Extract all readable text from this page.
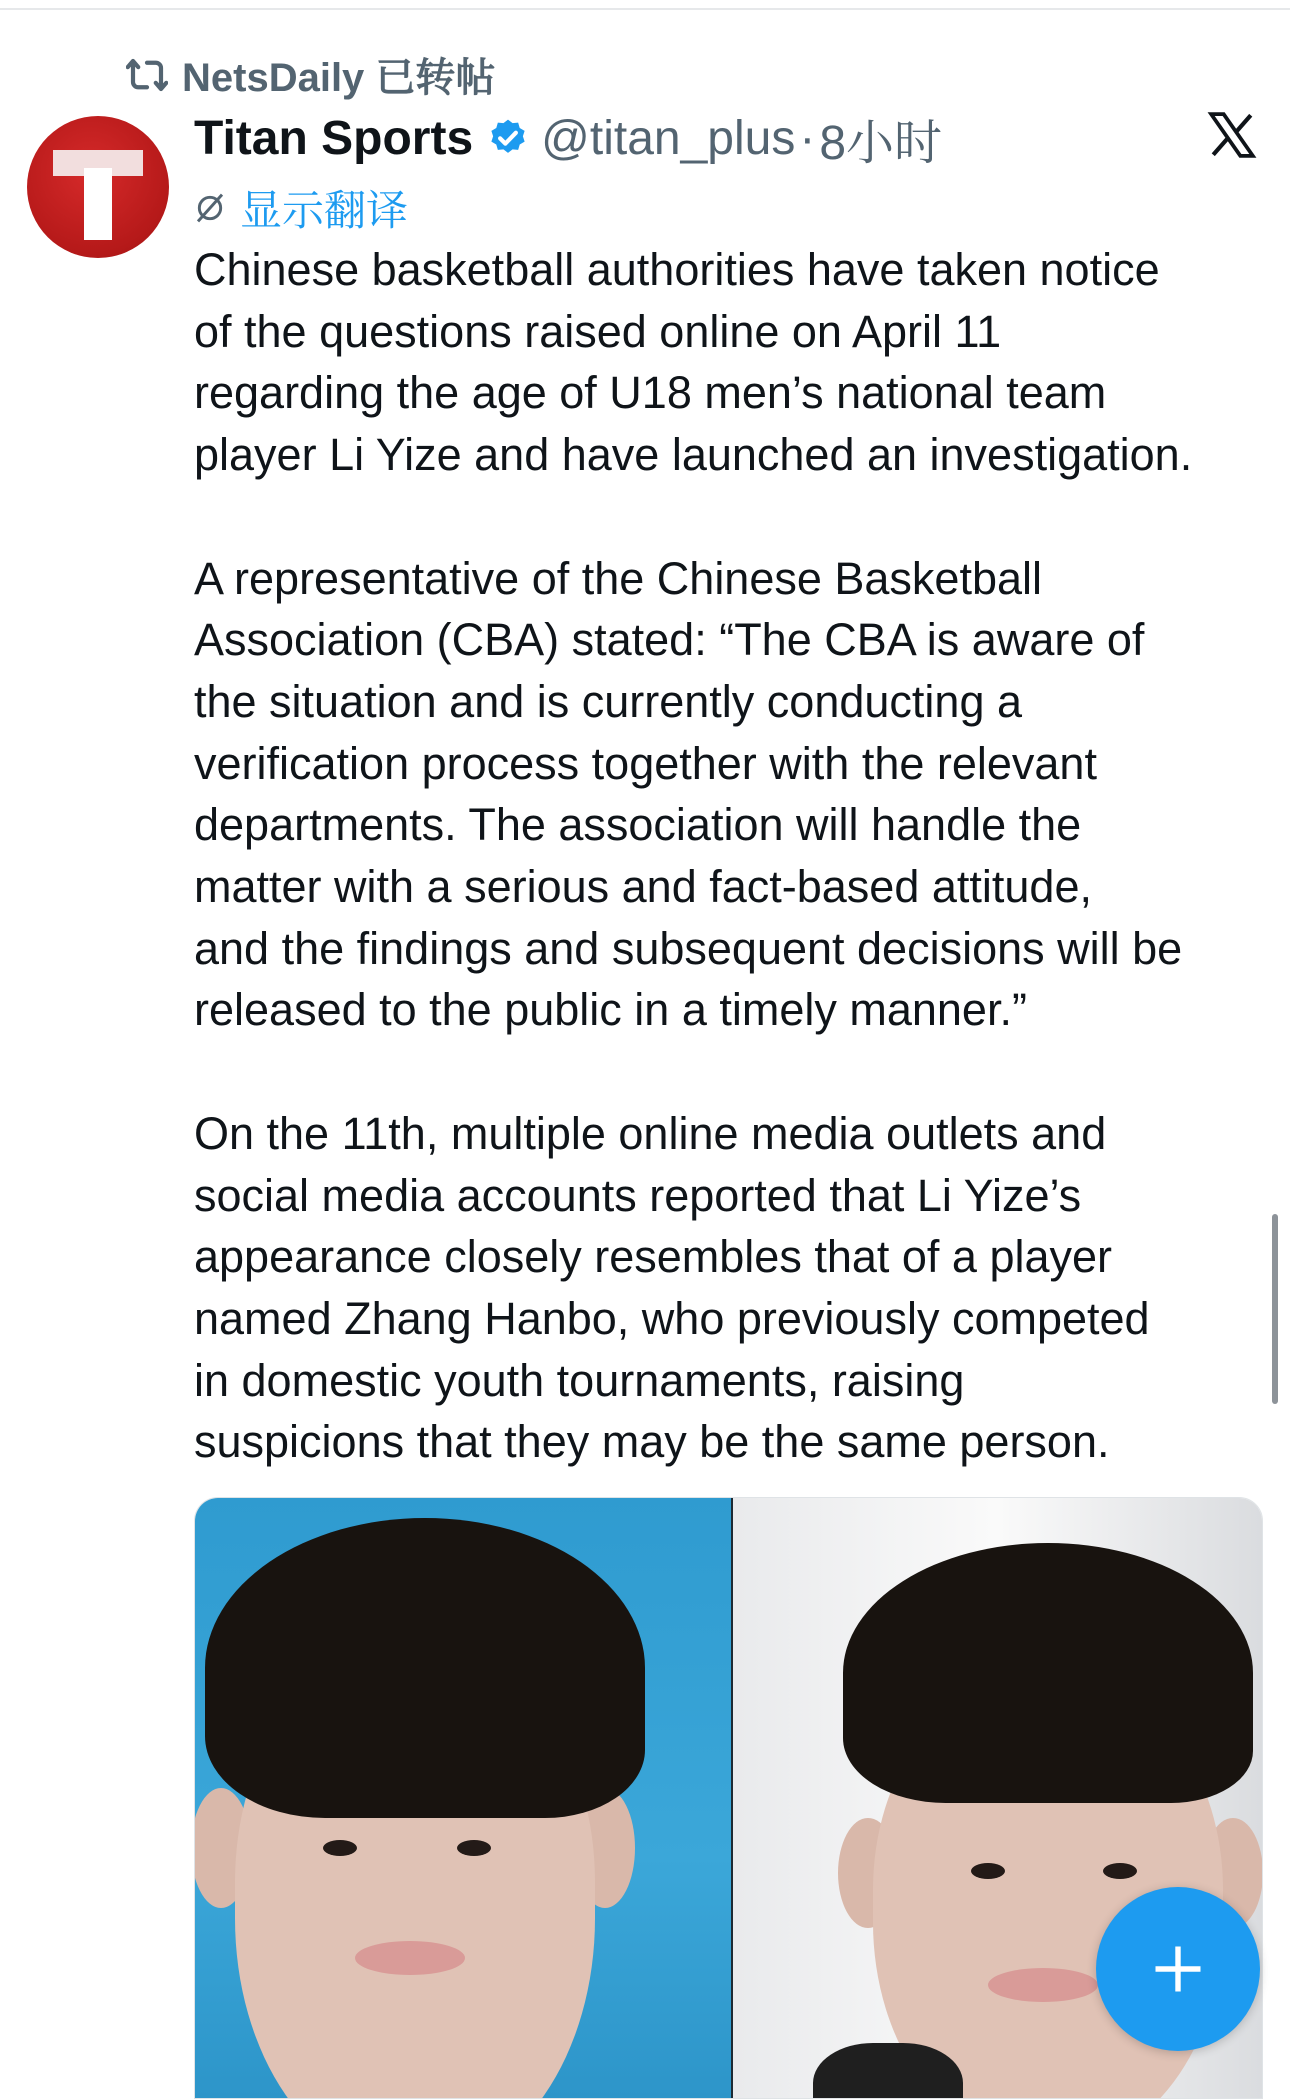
NetsDaily 已转帖
Titan Sports @titan_plus · 8小时
显示翻译

Chinese basketball authorities have taken notice
of the questions raised online on April 11
regarding the age of U18 men’s national team
player Li Yize and have launched an investigation.

A representative of the Chinese Basketball
Association (CBA) stated: “The CBA is aware of
the situation and is currently conducting a
verification process together with the relevant
departments. The association will handle the
matter with a serious and fact-based attitude,
and the findings and subsequent decisions will be
released to the public in a timely manner.”

On the 11th, multiple online media outlets and
social media accounts reported that Li Yize’s
appearance closely resembles that of a player
named Zhang Hanbo, who previously competed
in domestic youth tournaments, raising
suspicions that they may be the same person.
